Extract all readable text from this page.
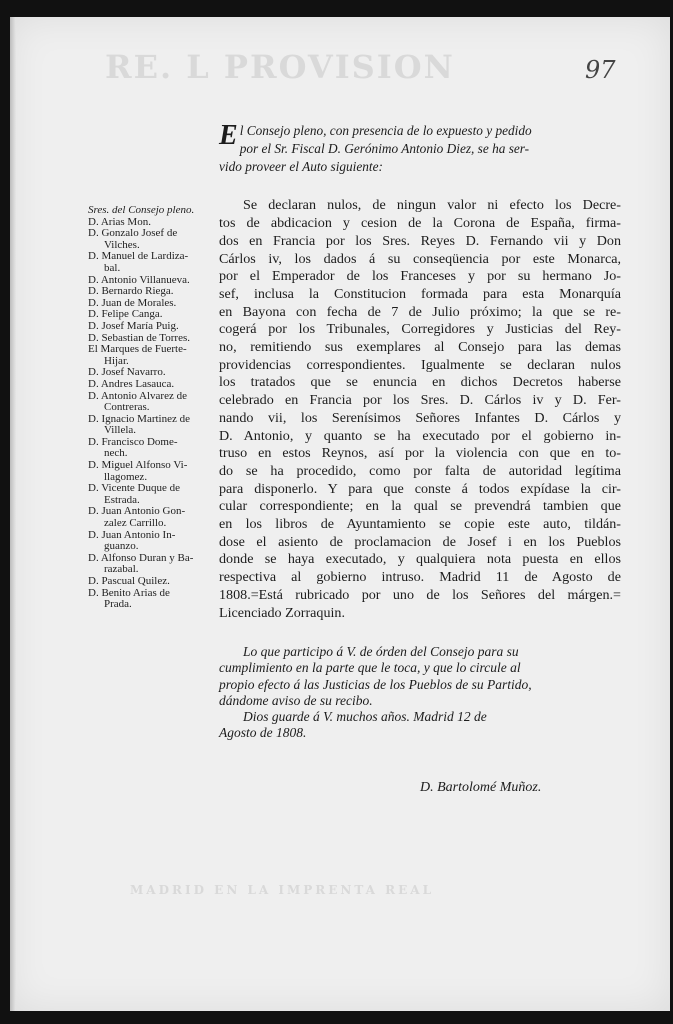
RE. L PROVISION
MADRID EN LA IMPRENTA REAL
97
Sres. del Consejo pleno.
D. Arias Mon.
D. Gonzalo Josef de
Vilches.
D. Manuel de Lardiza-
bal.
D. Antonio Villanueva.
D. Bernardo Riega.
D. Juan de Morales.
D. Felipe Canga.
D. Josef María Puig.
D. Sebastian de Torres.
El Marques de Fuerte-
Hijar.
D. Josef Navarro.
D. Andres Lasauca.
D. Antonio Alvarez de
Contreras.
D. Ignacio Martinez de
Villela.
D. Francisco Dome-
nech.
D. Miguel Alfonso Vi-
llagomez.
D. Vicente Duque de
Estrada.
D. Juan Antonio Gon-
zalez Carrillo.
D. Juan Antonio In-
guanzo.
D. Alfonso Duran y Ba-
razabal.
D. Pascual Quilez.
D. Benito Arias de
Prada.

E l Consejo pleno, con presencia de lo expuesto y pedido
por el Sr. Fiscal D. Gerónimo Antonio Diez, se ha ser-
vido proveer el Auto siguiente:

Se declaran nulos, de ningun valor ni efecto los Decre-
tos de abdicacion y cesion de la Corona de España, firma-
dos en Francia por los Sres. Reyes D. Fernando vii y Don
Cárlos iv, los dados á su conseqüencia por este Monarca,
por el Emperador de los Franceses y por su hermano Jo-
sef, inclusa la Constitucion formada para esta Monarquía
en Bayona con fecha de 7 de Julio próximo; la que se re-
cogerá por los Tribunales, Corregidores y Justicias del Rey-
no, remitiendo sus exemplares al Consejo para las demas
providencias correspondientes. Igualmente se declaran nulos
los tratados que se enuncia en dichos Decretos haberse
celebrado en Francia por los Sres. D. Cárlos iv y D. Fer-
nando vii, los Serenísimos Señores Infantes D. Cárlos y
D. Antonio, y quanto se ha executado por el gobierno in-
truso en estos Reynos, así por la violencia con que en to-
do se ha procedido, como por falta de autoridad legítima
para disponerlo. Y para que conste á todos expídase la cir-
cular correspondiente; en la qual se prevendrá tambien que
en los libros de Ayuntamiento se copie este auto, tildán-
dose el asiento de proclamacion de Josef i en los Pueblos
donde se haya executado, y qualquiera nota puesta en ellos
respectiva al gobierno intruso. Madrid 11 de Agosto de
1808.=Está rubricado por uno de los Señores del márgen.=
Licenciado Zorraquin.

Lo que participo á V. de órden del Consejo para su
cumplimiento en la parte que le toca, y que lo circule al
propio efecto á las Justicias de los Pueblos de su Partido,
dándome aviso de su recibo.
Dios guarde á V. muchos años. Madrid 12 de
Agosto de 1808.

D. Bartolomé Muñoz.
